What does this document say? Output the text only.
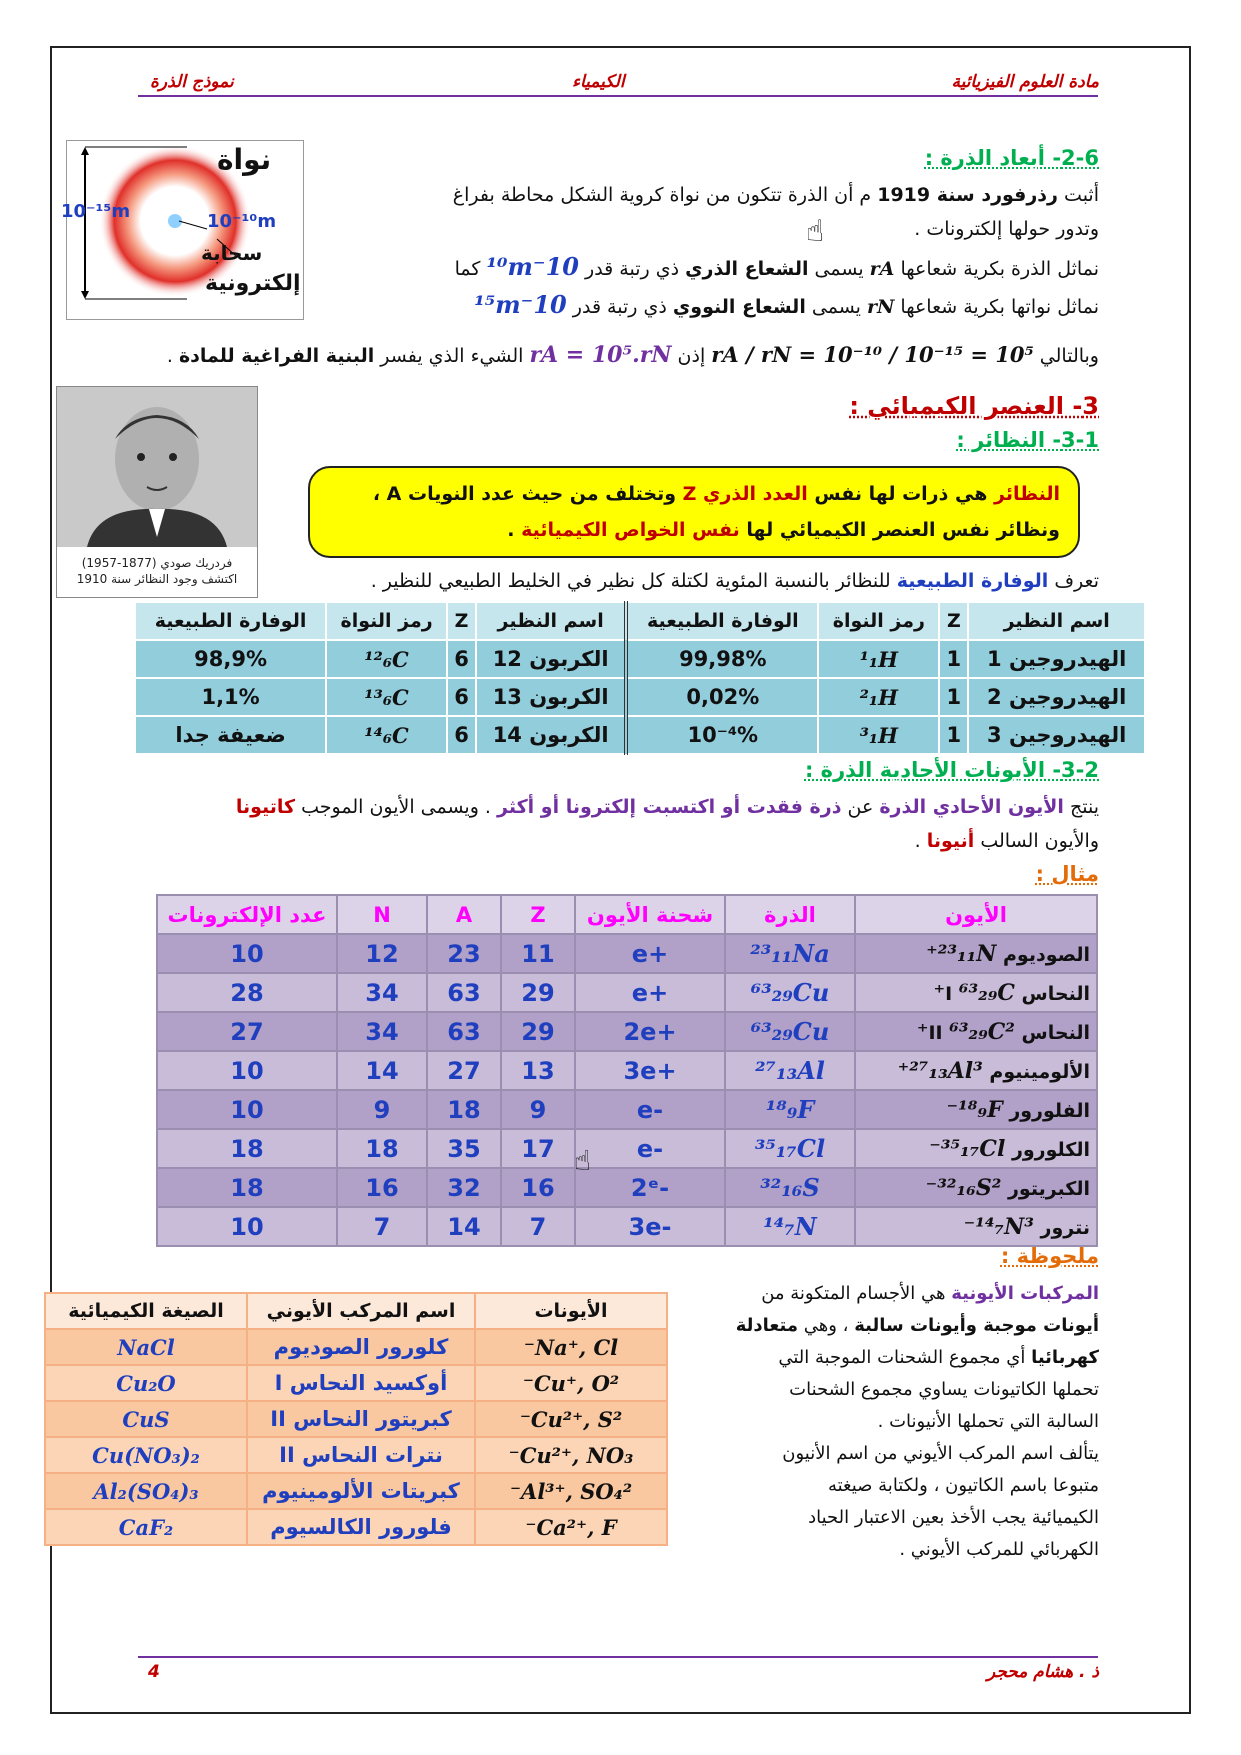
مادة العلوم الفيزيائية
الكيمياء
نموذج الذرة
نواة
سحابة
إلكترونية
10⁻¹⁵m	10⁻¹⁰m
2-6- أبعاد الذرة :

أثبت رذرفورد سنة 1919 م أن الذرة تتكون من نواة كروية الشكل محاطة بفراغ

وتدور حولها إلكترونات .

☝

نماثل الذرة بكرية شعاعها rA يسمى الشعاع الذري ذي رتبة قدر 10⁻¹⁰m كما

نماثل نواتها بكرية شعاعها rN يسمى الشعاع النووي ذي رتبة قدر 10⁻¹⁵m

وبالتالي rA / rN = 10⁻¹⁰ / 10⁻¹⁵ = 10⁵ إذن rA = 10⁵.rN الشيء الذي يفسر البنية الفراغية للمادة .

فردريك صودي (1877-1957)
اكتشف وجود النظائر سنة 1910
3- العنصر الكيميائي :
3-1- النظائر :
النظائر هي ذرات لها نفس العدد الذري Z وتختلف من حيث عدد النويات A ،
ونظائر نفس العنصر الكيميائي لها نفس الخواص الكيميائية .

تعرف الوفارة الطبيعية للنظائر بالنسبة المئوية لكتلة كل نظير في الخليط الطبيعي للنظير .

اسم النظير	Z	رمز النواة	الوفارة الطبيعية	اسم النظير	Z	رمز النواة	الوفارة الطبيعية
الهيدروجين 1	1	¹₁H	99,98%	الكربون 12	6	¹²₆C	98,9%
الهيدروجين 2	1	²₁H	0,02%	الكربون 13	6	¹³₆C	1,1%
الهيدروجين 3	1	³₁H	10⁻⁴%	الكربون 14	6	¹⁴₆C	ضعيفة جدا
3-2- الأيونات الأحادية الذرة :

ينتج الأيون الأحادي الذرة عن ذرة فقدت أو اكتسبت إلكترونا أو أكثر . ويسمى الأيون الموجب كاتيونا

والأيون السالب أنيونا .

مثال :
الأيون	الذرة	شحنة الأيون	Z	A	N	عدد الإلكترونات
الصوديوم ²³₁₁N⁺	²³₁₁Na	+e	11	23	12	10
النحاس I ⁶³₂₉C⁺	⁶³₂₉Cu	+e	29	63	34	28
النحاس II ⁶³₂₉C²⁺	⁶³₂₉Cu	+2e	29	63	34	27
الألومينيوم ²⁷₁₃Al³⁺	²⁷₁₃Al	+3e	13	27	14	10
الفلورور ¹⁸₉F⁻	¹⁸₉F	-e	9	18	9	10
الكلورور ³⁵₁₇Cl⁻	³⁵₁₇Cl	-e	17	35	18	18
الكبريتور ³²₁₆S²⁻	³²₁₆S	-2ᵉ	16	32	16	18
نترور ¹⁴₇N³⁻	¹⁴₇N	-3e	7	14	7	10
☝
ملحوظة :
المركبات الأيونية هي الأجسام المتكونة من
أيونات موجبة وأيونات سالبة ، وهي متعادلة
كهربائيا أي مجموع الشحنات الموجبة التي
تحملها الكاتيونات يساوي مجموع الشحنات
السالبة التي تحملها الأنيونات .
يتألف اسم المركب الأيوني من اسم الأنيون
متبوعا باسم الكاتيون ، ولكتابة صيغته
الكيميائية يجب الأخذ بعين الاعتبار الحياد
الكهربائي للمركب الأيوني .
الأيونات	اسم المركب الأيوني	الصيغة الكيميائية
Na⁺, Cl⁻	كلورور الصوديوم	NaCl
Cu⁺, O²⁻	أوكسيد النحاس I	Cu₂O
Cu²⁺, S²⁻	كبريتور النحاس II	CuS
Cu²⁺, NO₃⁻	نترات النحاس II	Cu(NO₃)₂
Al³⁺, SO₄²⁻	كبريتات الألومينيوم	Al₂(SO₄)₃
Ca²⁺, F⁻	فلورور الكالسيوم	CaF₂
ذ . هشام محجر
4
